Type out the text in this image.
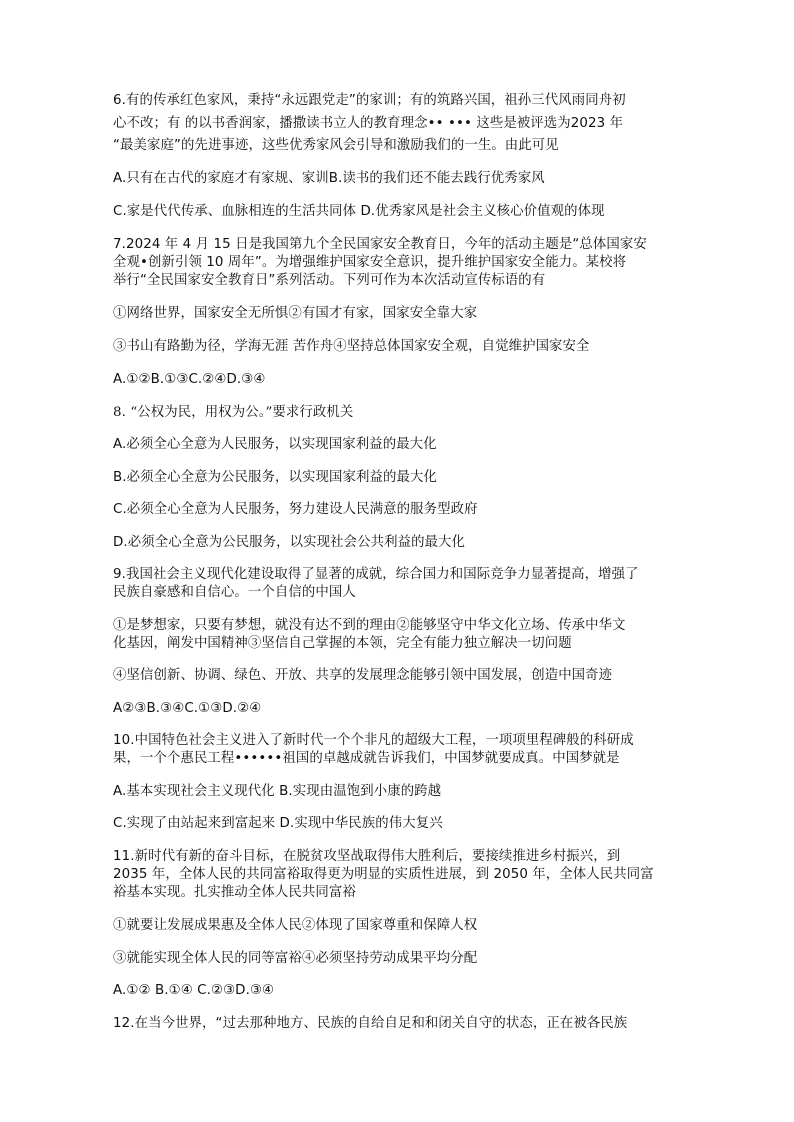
6.有的传承红色家风，秉持“永远跟党走”的家训；有的筑路兴国，祖孙三代风雨同舟初
心不改；有 的以书香润家，播撒读书立人的教育理念•• ••• 这些是被评选为2023 年
“最美家庭”的先进事迹，这些优秀家风会引导和激励我们的一生。由此可见
A.只有在古代的家庭才有家规、家训B.读书的我们还不能去践行优秀家风
C.家是代代传承、血脉相连的生活共同体 D.优秀家风是社会主义核心价值观的体现
7.2024 年 4 月 15 日是我国第九个全民国家安全教育日，今年的活动主题是“总体国家安
全观•创新引领 10 周年”。为增强维护国家安全意识，提升维护国家安全能力。某校将
举行“全民国家安全教育日”系列活动。下列可作为本次活动宣传标语的有
①网络世界，国家安全无所惧②有国才有家，国家安全靠大家
③书山有路勤为径，学海无涯 苦作舟④坚持总体国家安全观，自觉维护国家安全
A.①②B.①③C.②④D.③④
8. “公权为民，用权为公。”要求行政机关
A.必须全心全意为人民服务，以实现国家利益的最大化
B.必须全心全意为公民服务，以实现国家利益的最大化
C.必须全心全意为人民服务，努力建设人民满意的服务型政府
D.必须全心全意为公民服务，以实现社会公共利益的最大化
9.我国社会主义现代化建设取得了显著的成就，综合国力和国际竞争力显著提高，增强了
民族自豪感和自信心。一个自信的中国人
①是梦想家，只要有梦想，就没有达不到的理由②能够坚守中华文化立场、传承中华文
化基因，阐发中国精神③坚信自己掌握的本领，完全有能力独立解决一切问题
④坚信创新、协调、绿色、开放、共享的发展理念能够引领中国发展，创造中国奇迹
A②③B.③④C.①③D.②④
10.中国特色社会主义进入了新时代一个个非凡的超级大工程，一项项里程碑般的科研成
果，一个个惠民工程••••••祖国的卓越成就告诉我们，中国梦就要成真。中国梦就是
A.基本实现社会主义现代化 B.实现由温饱到小康的跨越
C.实现了由站起来到富起来 D.实现中华民族的伟大复兴
11.新时代有新的奋斗目标，在脱贫攻坚战取得伟大胜利后，要接续推进乡村振兴，到
2035 年，全体人民的共同富裕取得更为明显的实质性进展，到 2050 年，全体人民共同富
裕基本实现。扎实推动全体人民共同富裕
①就要让发展成果惠及全体人民②体现了国家尊重和保障人权
③就能实现全体人民的同等富裕④必须坚持劳动成果平均分配
A.①② B.①④ C.②③D.③④
12.在当今世界，“过去那种地方、民族的自给自足和和闭关自守的状态，正在被各民族
